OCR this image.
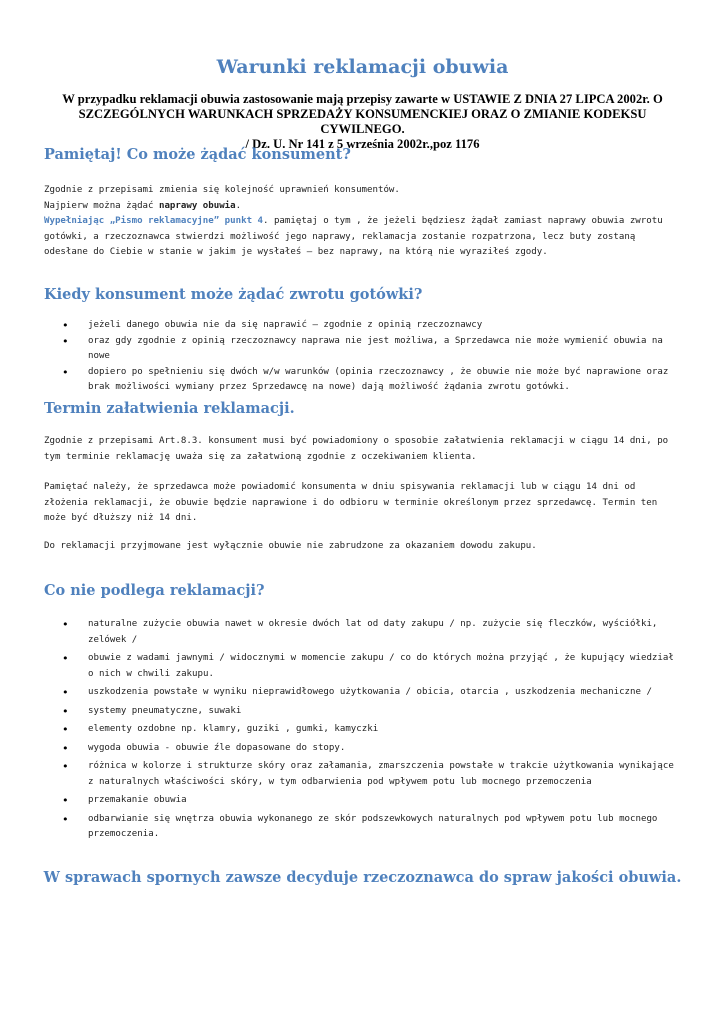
Warunki reklamacji obuwia
W przypadku reklamacji obuwia zastosowanie mają przepisy zawarte w USTAWIE Z DNIA 27 LIPCA 2002r. O
SZCZEGÓLNYCH WARUNKACH SPRZEDAŻY KONSUMENCKIEJ ORAZ O ZMIANIE KODEKSU CYWILNEGO.
/ Dz. U. Nr 141 z 5 września 2002r.,poz 1176
Pamiętaj! Co może żądać konsument?
Zgodnie z przepisami zmienia się kolejność uprawnień konsumentów.
Najpierw można żądać naprawy obuwia.
Wypełniając „Pismo reklamacyjne” punkt 4. pamiętaj o tym , że jeżeli będziesz żądał zamiast naprawy obuwia zwrotu gotówki, a rzeczoznawca stwierdzi możliwość jego naprawy, reklamacja zostanie rozpatrzona, lecz buty zostaną odesłane do Ciebie w stanie w jakim je wysłałeś – bez naprawy, na którą nie wyraziłeś zgody.
Kiedy konsument może żądać zwrotu gotówki?
• jeżeli danego obuwia nie da się naprawić – zgodnie z opinią rzeczoznawcy
• oraz gdy zgodnie z opinią rzeczoznawcy naprawa nie jest możliwa, a Sprzedawca nie może wymienić obuwia na nowe
• dopiero po spełnieniu się dwóch w/w warunków (opinia rzeczoznawcy , że obuwie nie może być naprawione oraz brak możliwości wymiany przez Sprzedawcę na nowe) dają możliwość żądania zwrotu gotówki.
Termin załatwienia reklamacji.
Zgodnie z przepisami Art.8.3. konsument musi być powiadomiony o sposobie załatwienia reklamacji w ciągu 14 dni, po tym terminie reklamację uważa się za załatwioną zgodnie z oczekiwaniem klienta.
Pamiętać należy, że sprzedawca może powiadomić konsumenta w dniu spisywania reklamacji lub w ciągu 14 dni od złożenia reklamacji, że obuwie będzie naprawione i do odbioru w terminie określonym przez sprzedawcę. Termin ten może być dłuższy niż 14 dni.
Do reklamacji przyjmowane jest wyłącznie obuwie nie zabrudzone za okazaniem dowodu zakupu.
Co nie podlega reklamacji?
• naturalne zużycie obuwia nawet w okresie dwóch lat od daty zakupu / np. zużycie się fleczków, wyściółki, zelówek /
• obuwie z wadami jawnymi / widocznymi w momencie zakupu / co do których można przyjąć , że kupujący wiedział o nich w chwili zakupu.
• uszkodzenia powstałe w wyniku nieprawidłowego użytkowania / obicia, otarcia , uszkodzenia mechaniczne /
• systemy pneumatyczne, suwaki
• elementy ozdobne np. klamry, guziki , gumki, kamyczki
• wygoda obuwia - obuwie źle dopasowane do stopy.
• różnica w kolorze i strukturze skóry oraz załamania, zmarszczenia powstałe w trakcie użytkowania wynikające z naturalnych właściwości skóry, w tym odbarwienia pod wpływem potu lub mocnego przemoczenia
• przemakanie obuwia
• odbarwianie się wnętrza obuwia wykonanego ze skór podszewkowych naturalnych pod wpływem potu lub mocnego przemoczenia.
W sprawach spornych zawsze decyduje rzeczoznawca do spraw jakości obuwia.
